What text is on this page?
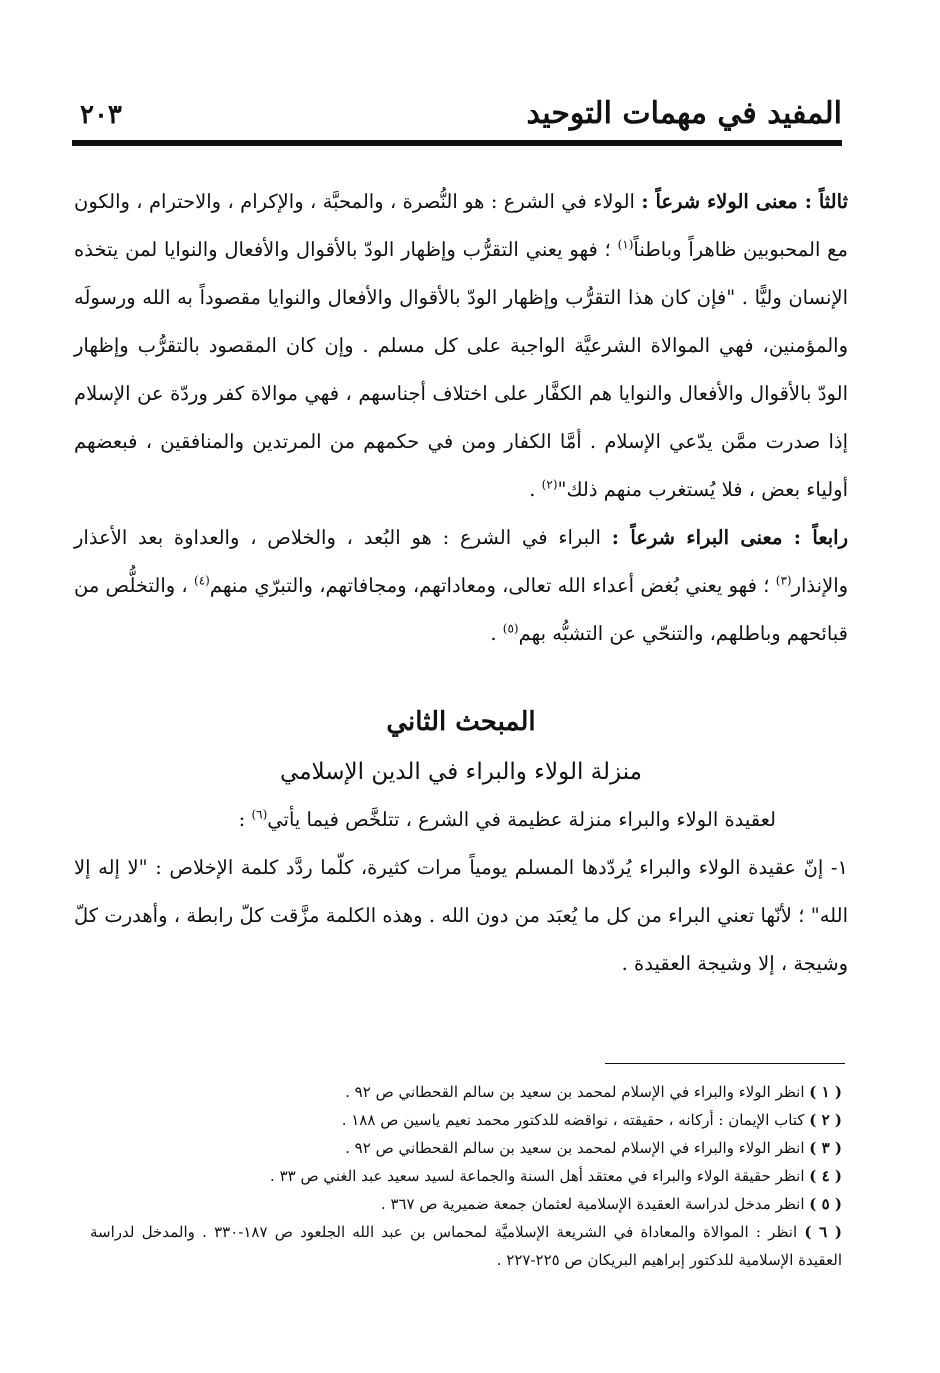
المفيد في مهمات التوحيد
٢٠٣
ثالثاً : معنى الولاء شرعاً : الولاء في الشرع : هو النُّصرة ، والمحبَّة ، والإكرام ، والاحترام ، والكون مع المحبوبين ظاهراً وباطناً$^{(١)}$ ؛ فهو يعني التقرُّب وإظهار الودّ بالأقوال والأفعال والنوايا لمن يتخذه الإنسان وليًّا . "فإن كان هذا التقرُّب وإظهار الودّ بالأقوال والأفعال والنوايا مقصوداً به الله ورسولَه والمؤمنين، فهي الموالاة الشرعيَّة الواجبة على كل مسلم . وإن كان المقصود بالتقرُّب وإظهار الودّ بالأقوال والأفعال والنوايا هم الكفَّار على اختلاف أجناسهم ، فهي موالاة كفر وردّة عن الإسلام إذا صدرت ممَّن يدّعي الإسلام . أمَّا الكفار ومن في حكمهم من المرتدين والمنافقين ، فبعضهم أولياء بعض ، فلا يُستغرب منهم ذلك"$^{(٢)}$ .
رابعاً : معنى البراء شرعاً : البراء في الشرع : هو البُعد ، والخلاص ، والعداوة بعد الأعذار والإنذار$^{(٣)}$ ؛ فهو يعني بُغض أعداء الله تعالى، ومعاداتهم، ومجافاتهم، والتبرّي منهم$^{(٤)}$ ، والتخلُّص من قبائحهم وباطلهم، والتنحّي عن التشبُّه بهم$^{(٥)}$ .
المبحث الثاني
منزلة الولاء والبراء في الدين الإسلامي
لعقيدة الولاء والبراء منزلة عظيمة في الشرع ، تتلخَّص فيما يأتي$^{(٦)}$ :
١- إنّ عقيدة الولاء والبراء يُردّدها المسلم يومياً مرات كثيرة، كلّما ردَّد كلمة الإخلاص : "لا إله إلا الله" ؛ لأنّها تعني البراء من كل ما يُعبَد من دون الله . وهذه الكلمة مزَّقت كلّ رابطة ، وأهدرت كلّ وشيجة ، إلا وشيجة العقيدة .
( ١ ) انظر الولاء والبراء في الإسلام لمحمد بن سعيد بن سالم القحطاني ص ٩٢ .
( ٢ ) كتاب الإيمان : أركانه ، حقيقته ، نواقضه للدكتور محمد نعيم ياسين ص ١٨٨ .
( ٣ ) انظر الولاء والبراء في الإسلام لمحمد بن سعيد بن سالم القحطاني ص ٩٢ .
( ٤ ) انظر حقيقة الولاء والبراء في معتقد أهل السنة والجماعة لسيد سعيد عبد الغني ص ٣٣ .
( ٥ ) انظر مدخل لدراسة العقيدة الإسلامية لعثمان جمعة ضميرية ص ٣٦٧ .
( ٦ ) انظر : الموالاة والمعاداة في الشريعة الإسلاميَّة لمحماس بن عبد الله الجلعود ص ١٨٧-٣٣٠ . والمدخل لدراسة العقيدة الإسلامية للدكتور إبراهيم البريكان ص ٢٢٥-٢٢٧ .
